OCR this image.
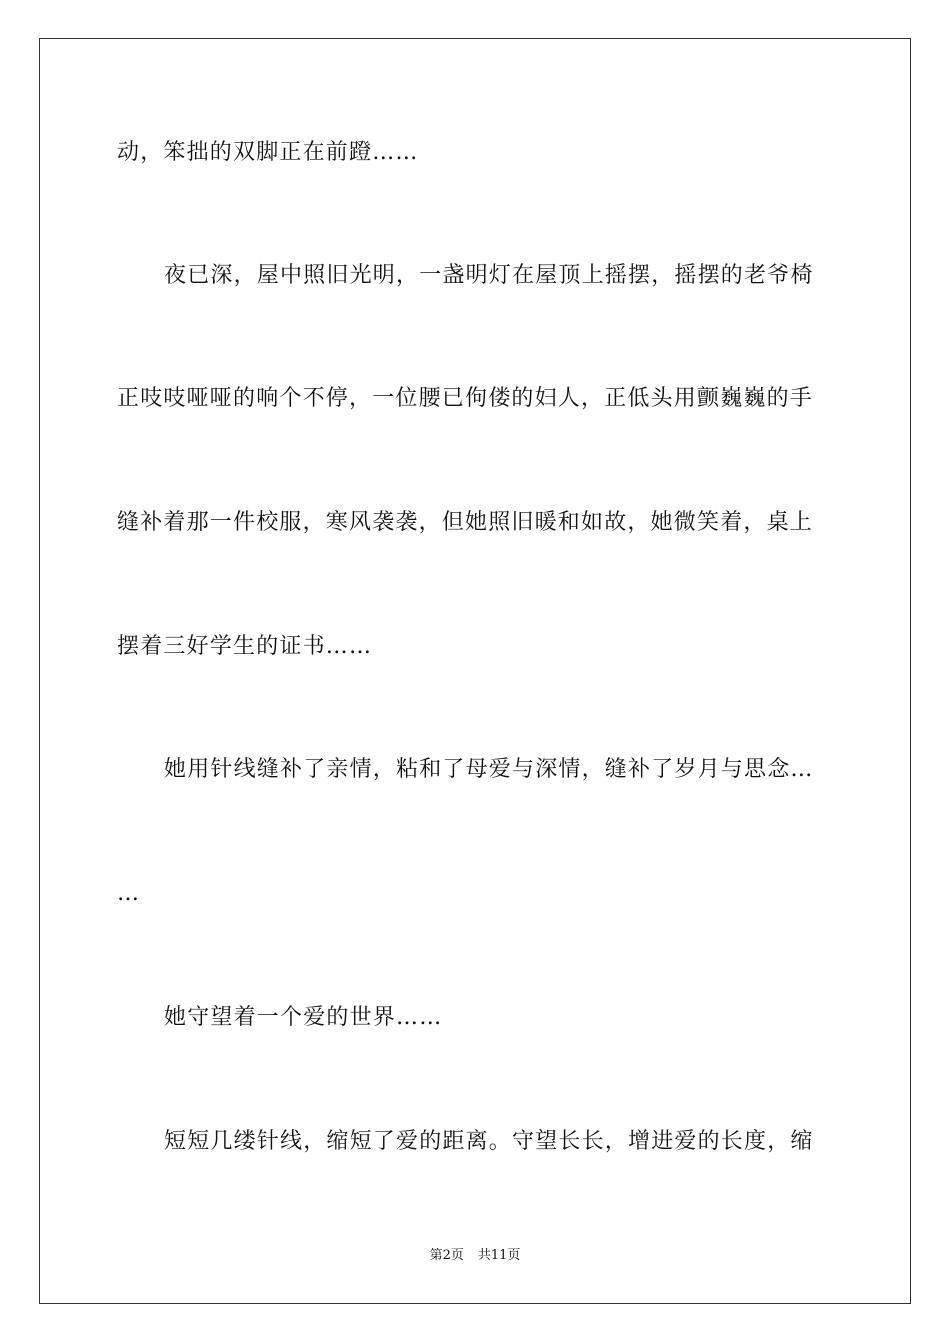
动，笨拙的双脚正在前蹬……
夜已深，屋中照旧光明，一盏明灯在屋顶上摇摆，摇摆的老爷椅
正吱吱哑哑的响个不停，一位腰已佝偻的妇人，正低头用颤巍巍的手
缝补着那一件校服，寒风袭袭，但她照旧暖和如故，她微笑着，桌上
摆着三好学生的证书……
她用针线缝补了亲情，粘和了母爱与深情，缝补了岁月与思念…
…
她守望着一个爱的世界……
短短几缕针线，缩短了爱的距离。守望长长，增进爱的长度，缩
第2页 共11页
